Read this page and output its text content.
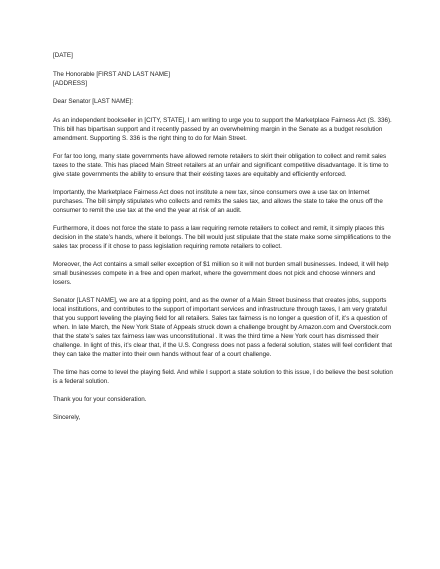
[DATE]

The Honorable [FIRST AND LAST NAME]

[ADDRESS]

Dear Senator [LAST NAME]:

As an independent bookseller in [CITY, STATE], I am writing to urge you to support the Marketplace Fairness Act (S. 336). This bill has bipartisan support and it recently passed by an overwhelming margin in the Senate as a budget resolution amendment. Supporting S. 336 is the right thing to do for Main Street.

For far too long, many state governments have allowed remote retailers to skirt their obligation to collect and remit sales taxes to the state. This has placed Main Street retailers at an unfair and significant competitive disadvantage. It is time to give state governments the ability to ensure that their existing taxes are equitably and efficiently enforced.

Importantly, the Marketplace Fairness Act does not institute a new tax, since consumers owe a use tax on Internet purchases. The bill simply stipulates who collects and remits the sales tax, and allows the state to take the onus off the consumer to remit the use tax at the end the year at risk of an audit.

Furthermore, it does not force the state to pass a law requiring remote retailers to collect and remit, it simply places this decision in the state’s hands, where it belongs. The bill would just stipulate that the state make some simplifications to the sales tax process if it chose to pass legislation requiring remote retailers to collect.

Moreover, the Act contains a small seller exception of $1 million so it will not burden small businesses. Indeed, it will help small businesses compete in a free and open market, where the government does not pick and choose winners and losers.

Senator [LAST NAME], we are at a tipping point, and as the owner of a Main Street business that creates jobs, supports local institutions, and contributes to the support of important services and infrastructure through taxes, I am very grateful that you support leveling the playing field for all retailers. Sales tax fairness is no longer a question of if, it’s a question of when. In late March, the New York State of Appeals struck down a challenge brought by Amazon.com and Overstock.com that the state’s sales tax fairness law was unconstitutional . It was the third time a New York court has dismissed their challenge. In light of this, it’s clear that, if the U.S. Congress does not pass a federal solution, states will feel confident that they can take the matter into their own hands without fear of a court challenge.

The time has come to level the playing field. And while I support a state solution to this issue, I do believe the best solution is a federal solution.

Thank you for your consideration.

Sincerely,
